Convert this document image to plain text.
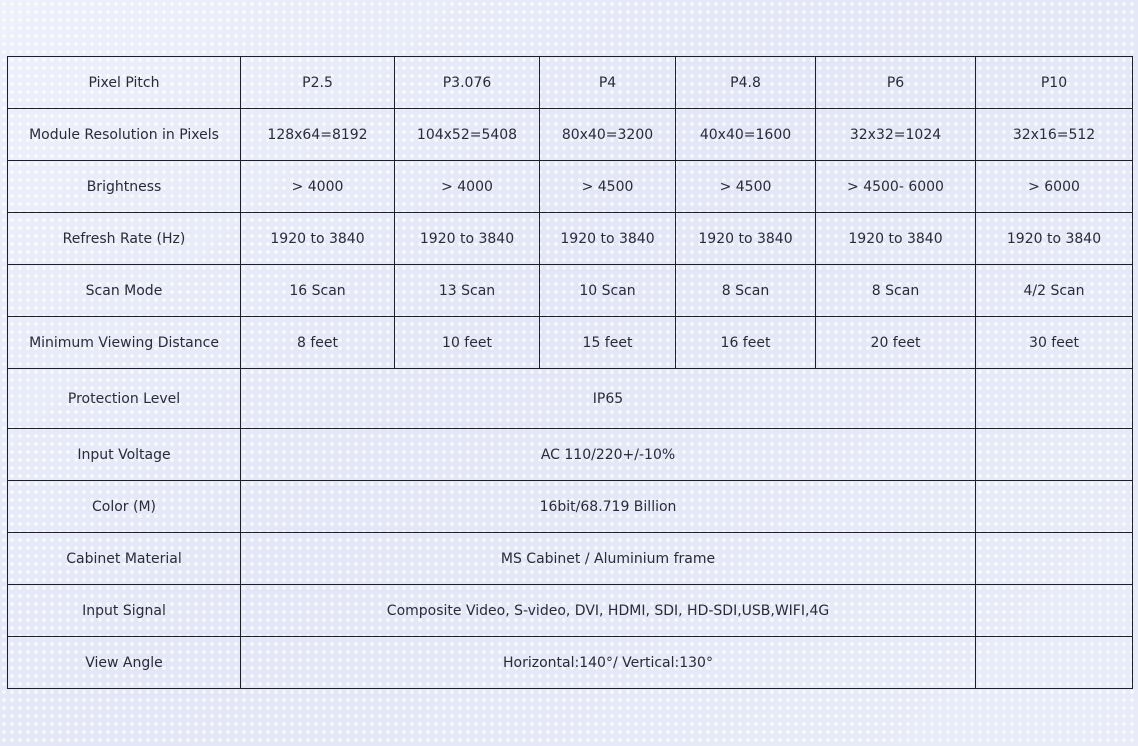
Pixel Pitch	P2.5	P3.076	P4	P4.8	P6	P10
Module Resolution in Pixels	128x64=8192	104x52=5408	80x40=3200	40x40=1600	32x32=1024	32x16=512
Brightness	> 4000	> 4000	> 4500	> 4500	> 4500- 6000	> 6000
Refresh Rate (Hz)	1920 to 3840	1920 to 3840	1920 to 3840	1920 to 3840	1920 to 3840	1920 to 3840
Scan Mode	16 Scan	13 Scan	10 Scan	8 Scan	8 Scan	4/2 Scan
Minimum Viewing Distance	8 feet	10 feet	15 feet	16 feet	20 feet	30 feet
Protection Level	IP65					
Input Voltage	AC 110/220+/-10%					
Color (M)	16bit/68.719 Billion					
Cabinet Material	MS Cabinet / Aluminium frame					
Input Signal	Composite Video, S-video, DVI, HDMI, SDI, HD-SDI,USB,WIFI,4G					
View Angle	Horizontal:140°/ Vertical:130°					
